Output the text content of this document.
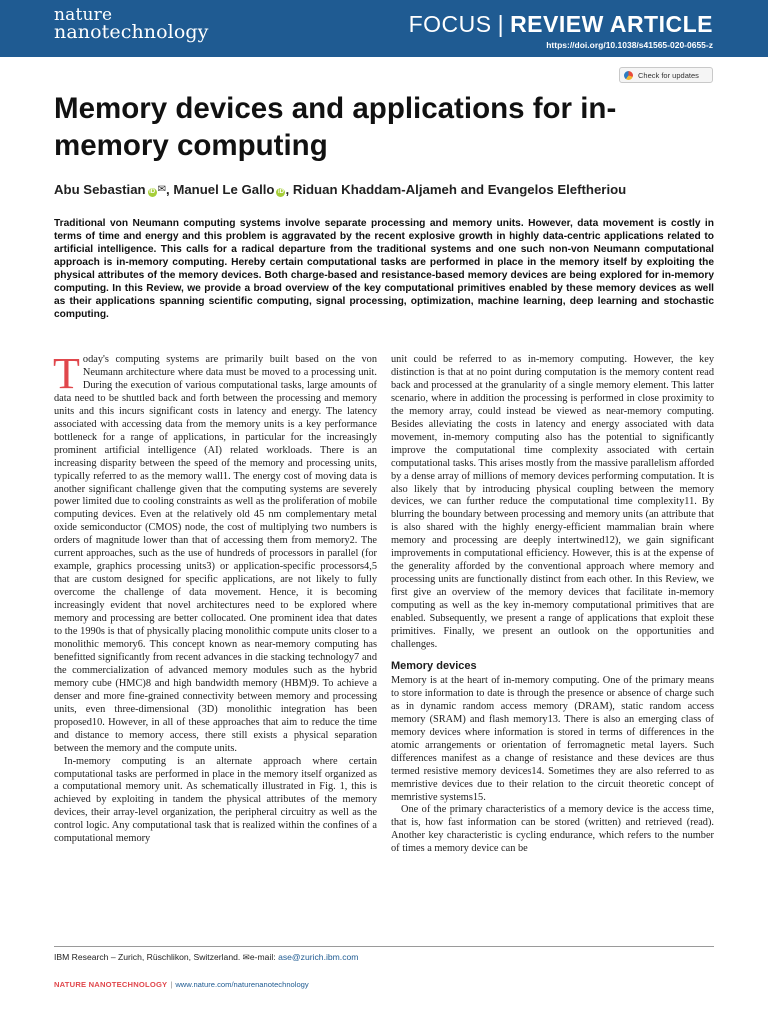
nature
nanotechnology	FOCUS | REVIEW ARTICLE
https://doi.org/10.1038/s41565-020-0655-z
Check for updates
Memory devices and applications for in-memory computing
Abu Sebastian iD ✉, Manuel Le Gallo iD , Riduan Khaddam-Aljameh and Evangelos Eleftheriou
Traditional von Neumann computing systems involve separate processing and memory units. However, data movement is costly in terms of time and energy and this problem is aggravated by the recent explosive growth in highly data-centric applications related to artificial intelligence. This calls for a radical departure from the traditional systems and one such non-von Neumann computational approach is in-memory computing. Hereby certain computational tasks are performed in place in the memory itself by exploiting the physical attributes of the memory devices. Both charge-based and resistance-based memory devices are being explored for in-memory computing. In this Review, we provide a broad overview of the key computational primitives enabled by these memory devices as well as their applications spanning scientific computing, signal processing, optimization, machine learning, deep learning and stochastic computing.

Today's computing systems are primarily built based on the von Neumann architecture where data must be moved to a processing unit. During the execution of various computational tasks, large amounts of data need to be shuttled back and forth between the processing and memory units and this incurs significant costs in latency and energy. The latency associated with accessing data from the memory units is a key performance bottleneck for a range of applications, in particular for the increasingly prominent artificial intelligence (AI) related workloads. There is an increasing disparity between the speed of the memory and processing units, typically referred to as the memory wall1. The energy cost of moving data is another significant challenge given that the computing systems are severely power limited due to cooling constraints as well as the proliferation of mobile computing devices. Even at the relatively old 45 nm complementary metal oxide semiconductor (CMOS) node, the cost of multiplying two numbers is orders of magnitude lower than that of accessing them from memory2. The current approaches, such as the use of hundreds of processors in parallel (for example, graphics processing units3) or application-specific processors4,5 that are custom designed for specific applications, are not likely to fully overcome the challenge of data movement. Hence, it is becoming increasingly evident that novel architectures need to be explored where memory and processing are better collocated. One prominent idea that dates to the 1990s is that of physically placing monolithic compute units closer to a monolithic memory6. This concept known as near-memory computing has benefitted significantly from recent advances in die stacking technology7 and the commercialization of advanced memory modules such as the hybrid memory cube (HMC)8 and high bandwidth memory (HBM)9. To achieve a denser and more fine-grained connectivity between memory and processing units, even three-dimensional (3D) monolithic integration has been proposed10. However, in all of these approaches that aim to reduce the time and distance to memory access, there still exists a physical separation between the memory and the compute units.

In-memory computing is an alternate approach where certain computational tasks are performed in place in the memory itself organized as a computational memory unit. As schematically illustrated in Fig. 1, this is achieved by exploiting in tandem the physical attributes of the memory devices, their array-level organization, the peripheral circuitry as well as the control logic. Any computational task that is realized within the confines of a computational memory

unit could be referred to as in-memory computing. However, the key distinction is that at no point during computation is the memory content read back and processed at the granularity of a single memory element. This latter scenario, where in addition the processing is performed in close proximity to the memory array, could instead be viewed as near-memory computing. Besides alleviating the costs in latency and energy associated with data movement, in-memory computing also has the potential to significantly improve the computational time complexity associated with certain computational tasks. This arises mostly from the massive parallelism afforded by a dense array of millions of memory devices performing computation. It is also likely that by introducing physical coupling between the memory devices, we can further reduce the computational time complexity11. By blurring the boundary between processing and memory units (an attribute that is also shared with the highly energy-efficient mammalian brain where memory and processing are deeply intertwined12), we gain significant improvements in computational efficiency. However, this is at the expense of the generality afforded by the conventional approach where memory and processing units are functionally distinct from each other. In this Review, we first give an overview of the memory devices that facilitate in-memory computing as well as the key in-memory computational primitives that are enabled. Subsequently, we present a range of applications that exploit these primitives. Finally, we present an outlook on the opportunities and challenges.

Memory devices

Memory is at the heart of in-memory computing. One of the primary means to store information to date is through the presence or absence of charge such as in dynamic random access memory (DRAM), static random access memory (SRAM) and flash memory13. There is also an emerging class of memory devices where information is stored in terms of differences in the atomic arrangements or orientation of ferromagnetic metal layers. Such differences manifest as a change of resistance and these devices are thus termed resistive memory devices14. Sometimes they are also referred to as memristive devices due to their relation to the circuit theoretic concept of memristive systems15.

One of the primary characteristics of a memory device is the access time, that is, how fast information can be stored (written) and retrieved (read). Another key characteristic is cycling endurance, which refers to the number of times a memory device can be

IBM Research – Zurich, Rüschlikon, Switzerland. ✉e-mail: ase@zurich.ibm.com
NATURE NANOTECHNOLOGY | www.nature.com/naturenanotechnology
